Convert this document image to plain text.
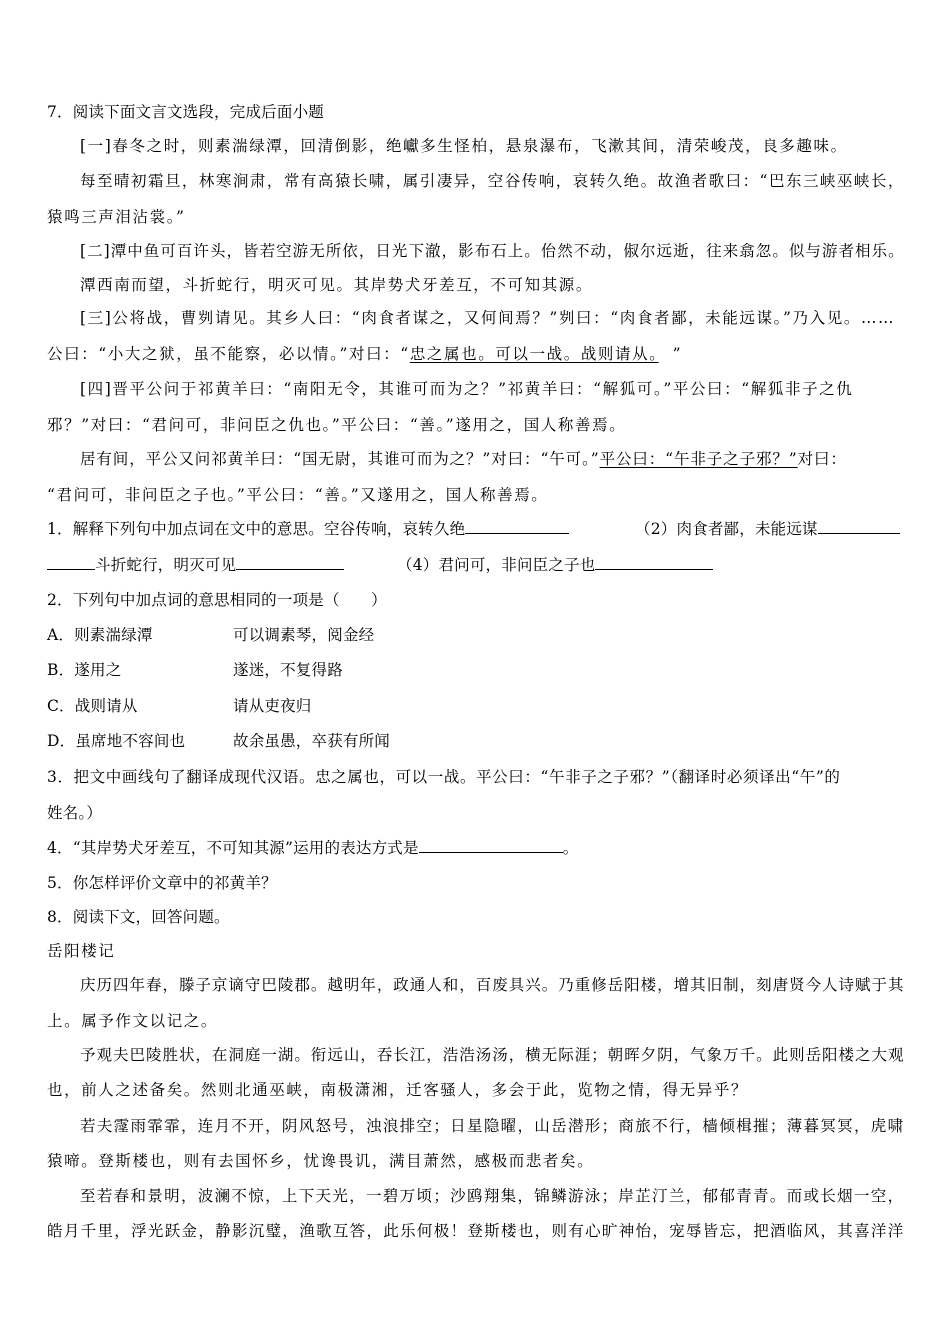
7．阅读下面文言文选段，完成后面小题
[一]春冬之时，则素湍绿潭，回清倒影，绝巘多生怪柏，悬泉瀑布，飞漱其间，清荣峻茂，良多趣味。
每至晴初霜旦，林寒涧肃，常有高猿长啸，属引凄异，空谷传响，哀转久绝。故渔者歌曰：“巴东三峡巫峡长，
猿鸣三声泪沾裳。”
[二]潭中鱼可百许头，皆若空游无所依，日光下澈，影布石上。佁然不动，俶尔远逝，往来翕忽。似与游者相乐。
潭西南而望，斗折蛇行，明灭可见。其岸势犬牙差互，不可知其源。
[三]公将战，曹刿请见。其乡人曰：“肉食者谋之，又何间焉？”刿曰：“肉食者鄙，未能远谋。”乃入见。……
公曰：“小大之狱，虽不能察，必以情。”对曰：“忠之属也。可以一战。战则请从。 ”
[四]晋平公问于祁黄羊曰：“南阳无令，其谁可而为之？”祁黄羊曰：“解狐可。”平公曰：“解狐非子之仇
邪？”对曰：“君问可，非问臣之仇也。”平公曰：“善。”遂用之，国人称善焉。
居有间，平公又问祁黄羊曰：“国无尉，其谁可而为之？”对曰：“午可。”平公曰：“午非子之子邪？”对曰：
“君问可，非问臣之子也。”平公曰：“善。”又遂用之，国人称善焉。
1．解释下列句中加点词在文中的意思。空谷传响，哀转久绝	（2）肉食者鄙，未能远谋
斗折蛇行，明灭可见	（4）君问可，非问臣之子也
2．下列句中加点词的意思相同的一项是（　　）
A．则素湍绿潭	可以调素琴，阅金经
B．遂用之	遂迷，不复得路
C．战则请从	请从吏夜归
D．虽席地不容间也	故余虽愚，卒获有所闻
3．把文中画线句了翻译成现代汉语。忠之属也，可以一战。平公曰：“午非子之子邪？”（翻译时必须译出“午”的
姓名。）
4．“其岸势犬牙差互，不可知其源”运用的表达方式是	。
5．你怎样评价文章中的祁黄羊？
8．阅读下文，回答问题。
岳阳楼记
庆历四年春，滕子京谪守巴陵郡。越明年，政通人和，百废具兴。乃重修岳阳楼，增其旧制，刻唐贤今人诗赋于其
上。属予作文以记之。
予观夫巴陵胜状，在洞庭一湖。衔远山，吞长江，浩浩汤汤，横无际涯；朝晖夕阴，气象万千。此则岳阳楼之大观
也，前人之述备矣。然则北通巫峡，南极潇湘，迁客骚人，多会于此，览物之情，得无异乎？
若夫霪雨霏霏，连月不开，阴风怒号，浊浪排空；日星隐曜，山岳潜形；商旅不行，樯倾楫摧；薄暮冥冥，虎啸
猿啼。登斯楼也，则有去国怀乡，忧谗畏讥，满目萧然，感极而悲者矣。
至若春和景明，波澜不惊，上下天光，一碧万顷；沙鸥翔集，锦鳞游泳；岸芷汀兰，郁郁青青。而或长烟一空，
皓月千里，浮光跃金，静影沉璧，渔歌互答，此乐何极！登斯楼也，则有心旷神怡，宠辱皆忘，把酒临风，其喜洋洋
